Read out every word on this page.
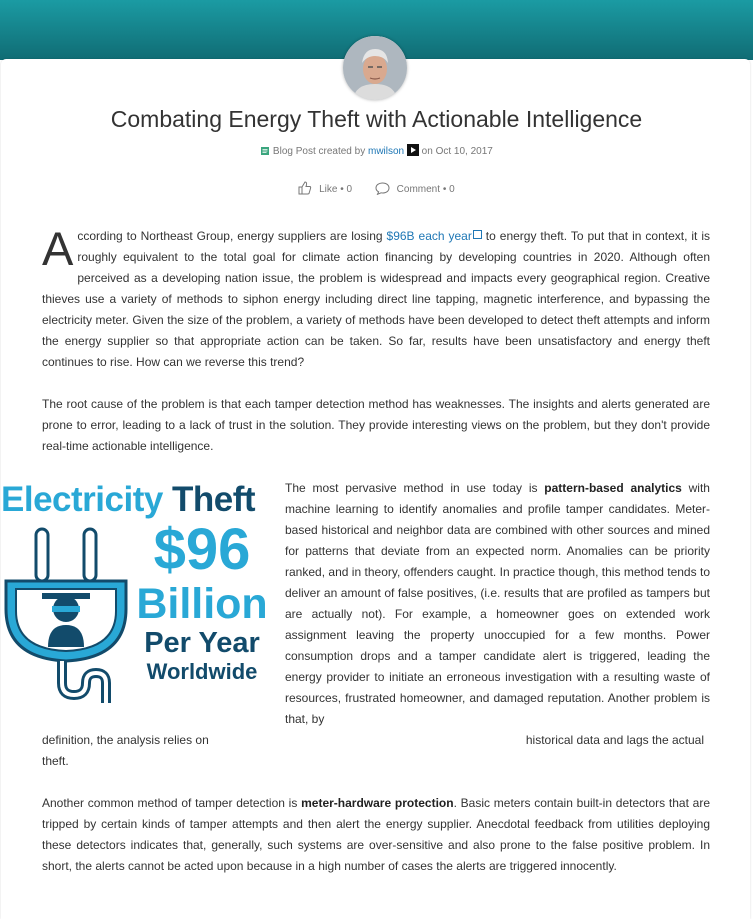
Combating Energy Theft with Actionable Intelligence
Blog Post created by mwilson on Oct 10, 2017
Like • 0	Comment • 0

According to Northeast Group, energy suppliers are losing $96B each year to energy theft. To put that in context, it is roughly equivalent to the total goal for climate action financing by developing countries in 2020. Although often perceived as a developing nation issue, the problem is widespread and impacts every geographical region. Creative thieves use a variety of methods to siphon energy including direct line tapping, magnetic interference, and bypassing the electricity meter. Given the size of the problem, a variety of methods have been developed to detect theft attempts and inform the energy supplier so that appropriate action can be taken. So far, results have been unsatisfactory and energy theft continues to rise. How can we reverse this trend?

The root cause of the problem is that each tamper detection method has weaknesses. The insights and alerts generated are prone to error, leading to a lack of trust in the solution. They provide interesting views on the problem, but they don't provide real-time actionable intelligence.

Electricity Theft
$96
Billion
Per Year
Worldwide

The most pervasive method in use today is pattern-based analytics with machine learning to identify anomalies and profile tamper candidates. Meter-based historical and neighbor data are combined with other sources and mined for patterns that deviate from an expected norm. Anomalies can be priority ranked, and in theory, offenders caught. In practice though, this method tends to deliver an amount of false positives, (i.e. results that are profiled as tampers but are actually not). For example, a homeowner goes on extended work assignment leaving the property unoccupied for a few months. Power consumption drops and a tamper candidate alert is triggered, leading the energy provider to initiate an erroneous investigation with a resulting waste of resources, frustrated homeowner, and damaged reputation. Another problem is that, by

definition, the analysis relies on	historical data and lags the actual

theft.

Another common method of tamper detection is meter-hardware protection. Basic meters contain built-in detectors that are tripped by certain kinds of tamper attempts and then alert the energy supplier. Anecdotal feedback from utilities deploying these detectors indicates that, generally, such systems are over-sensitive and also prone to the false positive problem. In short, the alerts cannot be acted upon because in a high number of cases the alerts are triggered innocently.
